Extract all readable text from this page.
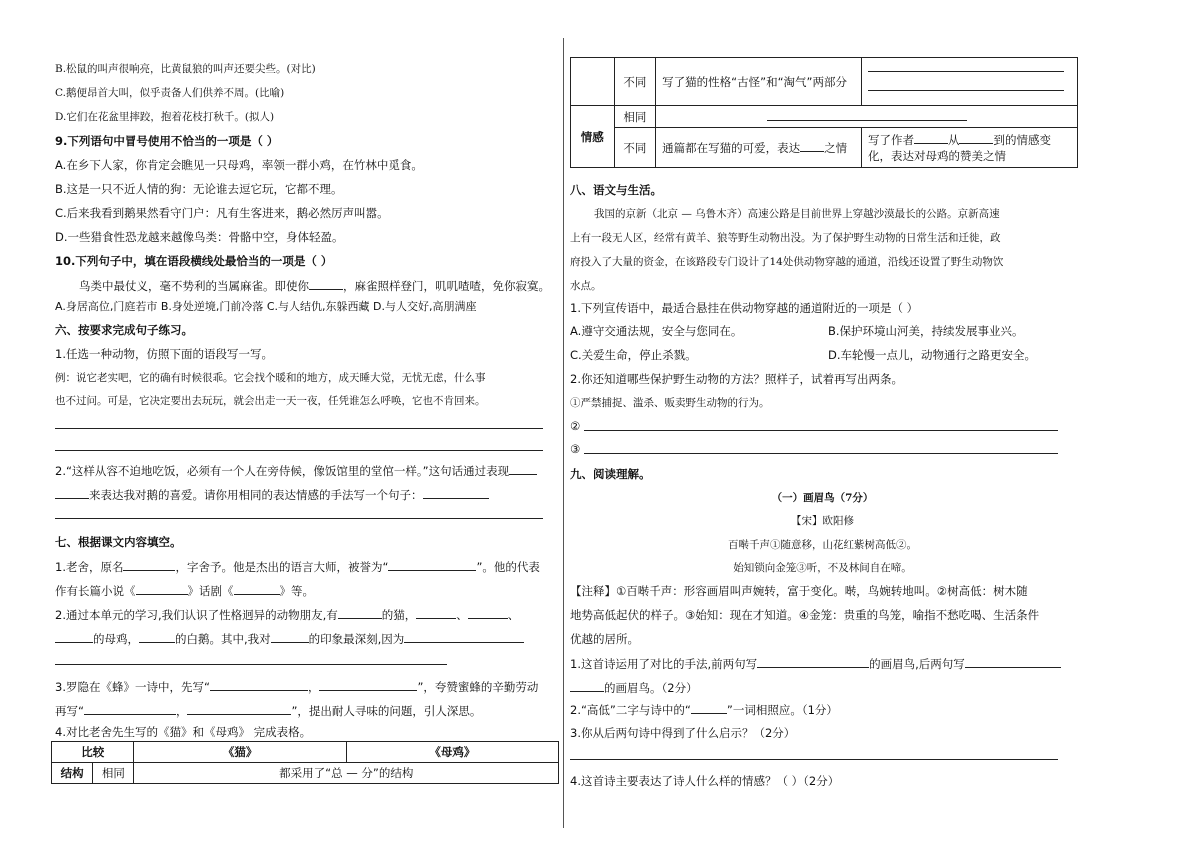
B.松鼠的叫声很响亮，比黄鼠狼的叫声还要尖些。(对比)
C.鹅便昂首大叫，似乎责备人们供养不周。(比喻)
D.它们在花盆里摔跤，抱着花枝打秋千。(拟人)
9.下列语句中冒号使用不恰当的一项是（ ）
A.在乡下人家，你肯定会瞧见一只母鸡，率领一群小鸡，在竹林中觅食。
B.这是一只不近人情的狗：无论谁去逗它玩，它都不理。
C.后来我看到鹅果然看守门户：凡有生客进来，鹅必然厉声叫嚣。
D.一些猎食性恐龙越来越像鸟类：骨骼中空，身体轻盈。
10.下列句子中，填在语段横线处最恰当的一项是（ ）
鸟类中最仗义，毫不势利的当属麻雀。即使你	，麻雀照样登门，叽叽喳喳，免你寂寞。
A.身居高位,门庭若市 B.身处逆境,门前冷落 C.与人结仇,东躲西藏 D.与人交好,高朋满座
六、按要求完成句子练习。
1.任选一种动物，仿照下面的语段写一写。
例：说它老实吧，它的确有时候很乖。它会找个暖和的地方，成天睡大觉，无忧无虑，什么事
也不过问。可是，它决定要出去玩玩，就会出走一天一夜，任凭谁怎么呼唤，它也不肯回来。
2.“这样从容不迫地吃饭，必须有一个人在旁侍候，像饭馆里的堂倌一样。”这句话通过表现
来表达我对鹅的喜爱。请你用相同的表达情感的手法写一个句子：
七、根据课文内容填空。
1.老舍，原名	，字舍予。他是杰出的语言大师，被誉为“	”。他的代表
作有长篇小说《	》话剧《	》等。
2.通过本单元的学习,我们认识了性格迥异的动物朋友,有	的猫，	、	、
的母鸡，	的白鹅。其中,我对	的印象最深刻,因为
3.罗隐在《蜂》一诗中，先写“	，	”，夸赞蜜蜂的辛勤劳动
再写“	，	”，提出耐人寻味的问题，引人深思。
4.对比老舍先生写的《猫》和《母鸡》 完成表格。
比较		《猫》	《母鸡》
结构	相同	都采用了“总 — 分”的结构	
	不同	写了猫的性格“古怪”和“淘气”两部分	

情感	相同		
	不同	通篇都在写猫的可爱，表达 之情	写了作者 从 到的情感变
化，表达对母鸡的赞美之情
八、语文与生活。
我国的京新（北京 — 乌鲁木齐）高速公路是目前世界上穿越沙漠最长的公路。京新高速
上有一段无人区，经常有黄羊、狼等野生动物出没。为了保护野生动物的日常生活和迁徙，政
府投入了大量的资金，在该路段专门设计了14处供动物穿越的通道，沿线还设置了野生动物饮
水点。
1.下列宣传语中，最适合悬挂在供动物穿越的通道附近的一项是（ ）
A.遵守交通法规，安全与您同在。	B.保护环境山河美，持续发展事业兴。
C.关爱生命，停止杀戮。	D.车轮慢一点儿，动物通行之路更安全。
2.你还知道哪些保护野生动物的方法？照样子，试着再写出两条。
①严禁捕捉、滥杀、贩卖野生动物的行为。
②
③
九、阅读理解。
（一）画眉鸟（7分）
【宋】欧阳修
百啭千声①随意移，山花红紫树高低②。
始知锁向金笼③听，不及林间自在啼。
【注释】①百啭千声：形容画眉叫声婉转，富于变化。啭，鸟婉转地叫。②树高低：树木随
地势高低起伏的样子。③始知：现在才知道。④金笼：贵重的鸟笼，喻指不愁吃喝、生活条件
优越的居所。
1.这首诗运用了对比的手法,前两句写	的画眉鸟,后两句写
的画眉鸟。（2分）
2.“高低”二字与诗中的“	”一词相照应。（1分）
3.你从后两句诗中得到了什么启示？（2分）
4.这首诗主要表达了诗人什么样的情感？（ ）（2分）
